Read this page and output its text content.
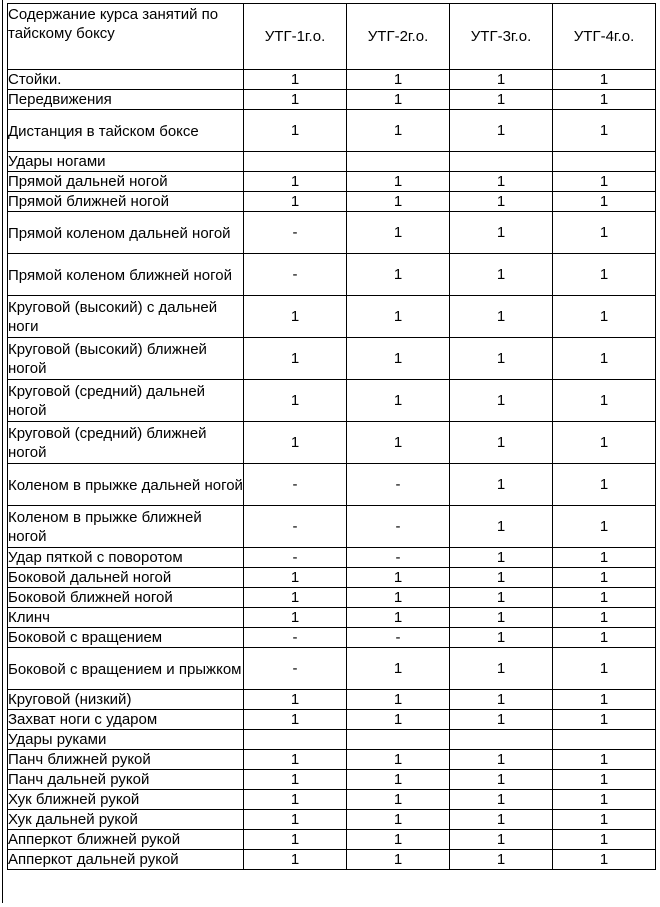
Содержание курса занятий по тайскому боксу	УТГ-1г.о.	УТГ-2г.о.	УТГ-3г.о.	УТГ-4г.о.
Стойки.	1	1	1	1
Передвижения	1	1	1	1
Дистанция в тайском боксе	1	1	1	1
Удары ногами				
Прямой дальней ногой	1	1	1	1
Прямой ближней ногой	1	1	1	1
Прямой коленом дальней ногой	-	1	1	1
Прямой коленом ближней ногой	-	1	1	1
Круговой (высокий) с дальней ноги	1	1	1	1
Круговой (высокий) ближней ногой	1	1	1	1
Круговой (средний) дальней ногой	1	1	1	1
Круговой (средний) ближней ногой	1	1	1	1
Коленом в прыжке дальней ногой	-	-	1	1
Коленом в прыжке ближней ногой	-	-	1	1
Удар пяткой с поворотом	-	-	1	1
Боковой дальней ногой	1	1	1	1
Боковой ближней ногой	1	1	1	1
Клинч	1	1	1	1
Боковой с вращением	-	-	1	1
Боковой с вращением и прыжком	-	1	1	1
Круговой (низкий)	1	1	1	1
Захват ноги с ударом	1	1	1	1
Удары руками				
Панч ближней рукой	1	1	1	1
Панч дальней рукой	1	1	1	1
Хук ближней рукой	1	1	1	1
Хук дальней рукой	1	1	1	1
Апперкот ближней рукой	1	1	1	1
Апперкот дальней рукой	1	1	1	1
